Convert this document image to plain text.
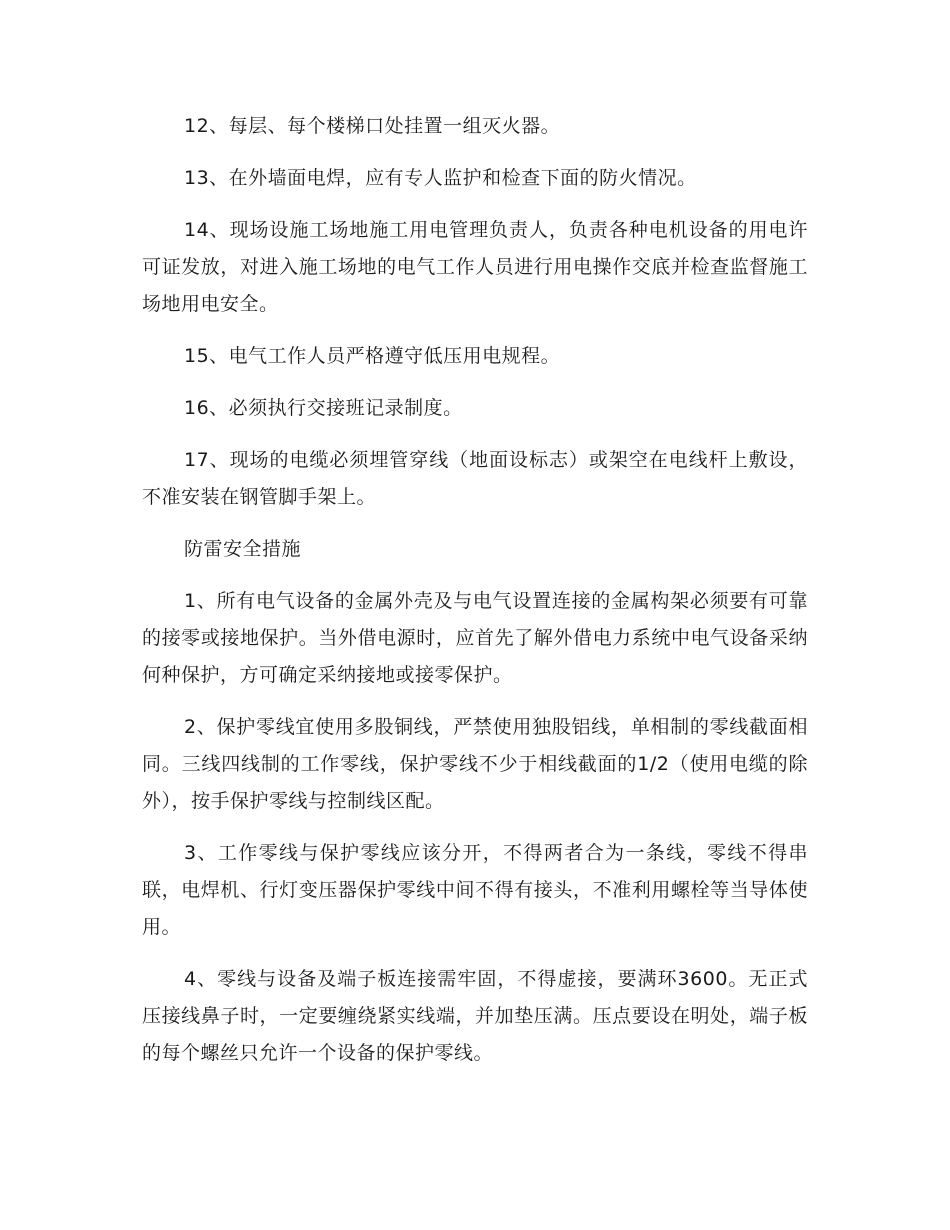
12、每层、每个楼梯口处挂置一组灭火器。

13、在外墙面电焊，应有专人监护和检查下面的防火情况。

14、现场设施工场地施工用电管理负责人，负责各种电机设备的用电许可证发放，对进入施工场地的电气工作人员进行用电操作交底并检查监督施工场地用电安全。

15、电气工作人员严格遵守低压用电规程。

16、必须执行交接班记录制度。

17、现场的电缆必须埋管穿线（地面设标志）或架空在电线杆上敷设，不准安装在钢管脚手架上。

防雷安全措施

1、所有电气设备的金属外壳及与电气设置连接的金属构架必须要有可靠的接零或接地保护。当外借电源时，应首先了解外借电力系统中电气设备采纳何种保护，方可确定采纳接地或接零保护。

2、保护零线宜使用多股铜线，严禁使用独股铝线，单相制的零线截面相同。三线四线制的工作零线，保护零线不少于相线截面的1/2（使用电缆的除外），按手保护零线与控制线区配。

3、工作零线与保护零线应该分开，不得两者合为一条线，零线不得串联，电焊机、行灯变压器保护零线中间不得有接头，不准利用螺栓等当导体使用。

4、零线与设备及端子板连接需牢固，不得虚接，要满环3600。无正式压接线鼻子时，一定要缠绕紧实线端，并加垫压满。压点要设在明处，端子板的每个螺丝只允许一个设备的保护零线。
